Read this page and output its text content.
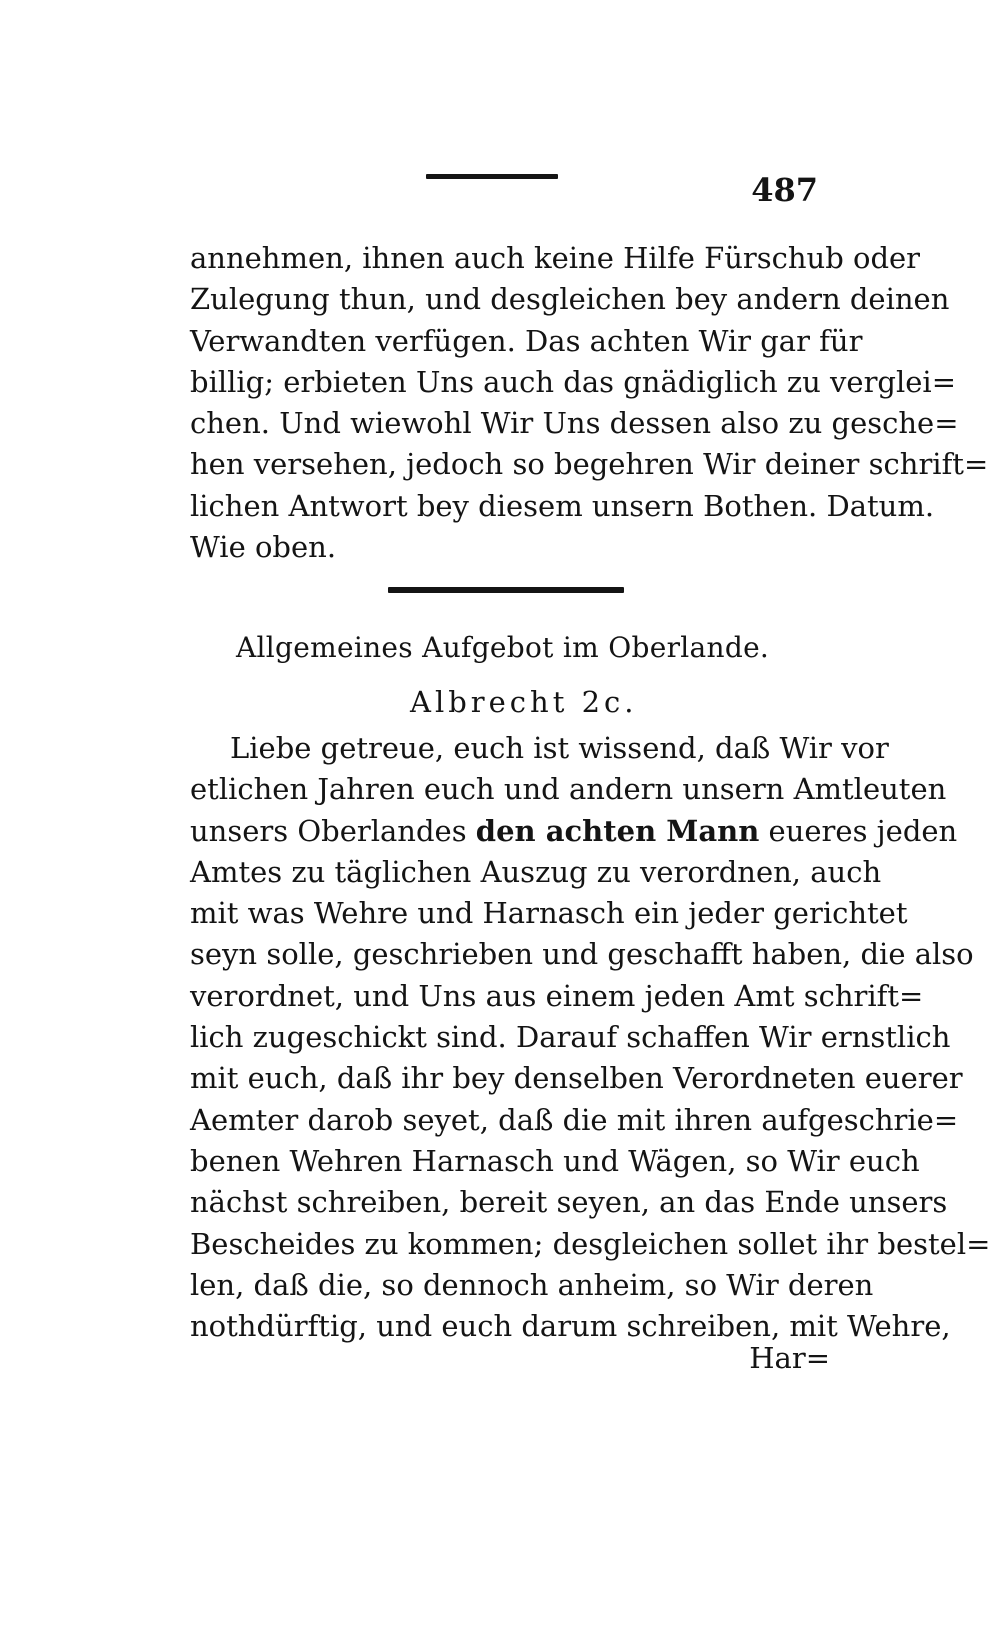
487
annehmen, ihnen auch keine Hilfe Fürschub oder
Zulegung thun, und desgleichen bey andern deinen
Verwandten verfügen. Das achten Wir gar für
billig; erbieten Uns auch das gnädiglich zu verglei=
chen. Und wiewohl Wir Uns dessen also zu gesche=
hen versehen, jedoch so begehren Wir deiner schrift=
lichen Antwort bey diesem unsern Bothen. Datum.
Wie oben.
Allgemeines Aufgebot im Oberlande.
Albrecht 2c.
Liebe getreue, euch ist wissend, daß Wir vor
etlichen Jahren euch und andern unsern Amtleuten
unsers Oberlandes den achten Mann eueres jeden
Amtes zu täglichen Auszug zu verordnen, auch
mit was Wehre und Harnasch ein jeder gerichtet
seyn solle, geschrieben und geschafft haben, die also
verordnet, und Uns aus einem jeden Amt schrift=
lich zugeschickt sind. Darauf schaffen Wir ernstlich
mit euch, daß ihr bey denselben Verordneten euerer
Aemter darob seyet, daß die mit ihren aufgeschrie=
benen Wehren Harnasch und Wägen, so Wir euch
nächst schreiben, bereit seyen, an das Ende unsers
Bescheides zu kommen; desgleichen sollet ihr bestel=
len, daß die, so dennoch anheim, so Wir deren
nothdürftig, und euch darum schreiben, mit Wehre,
Har=
